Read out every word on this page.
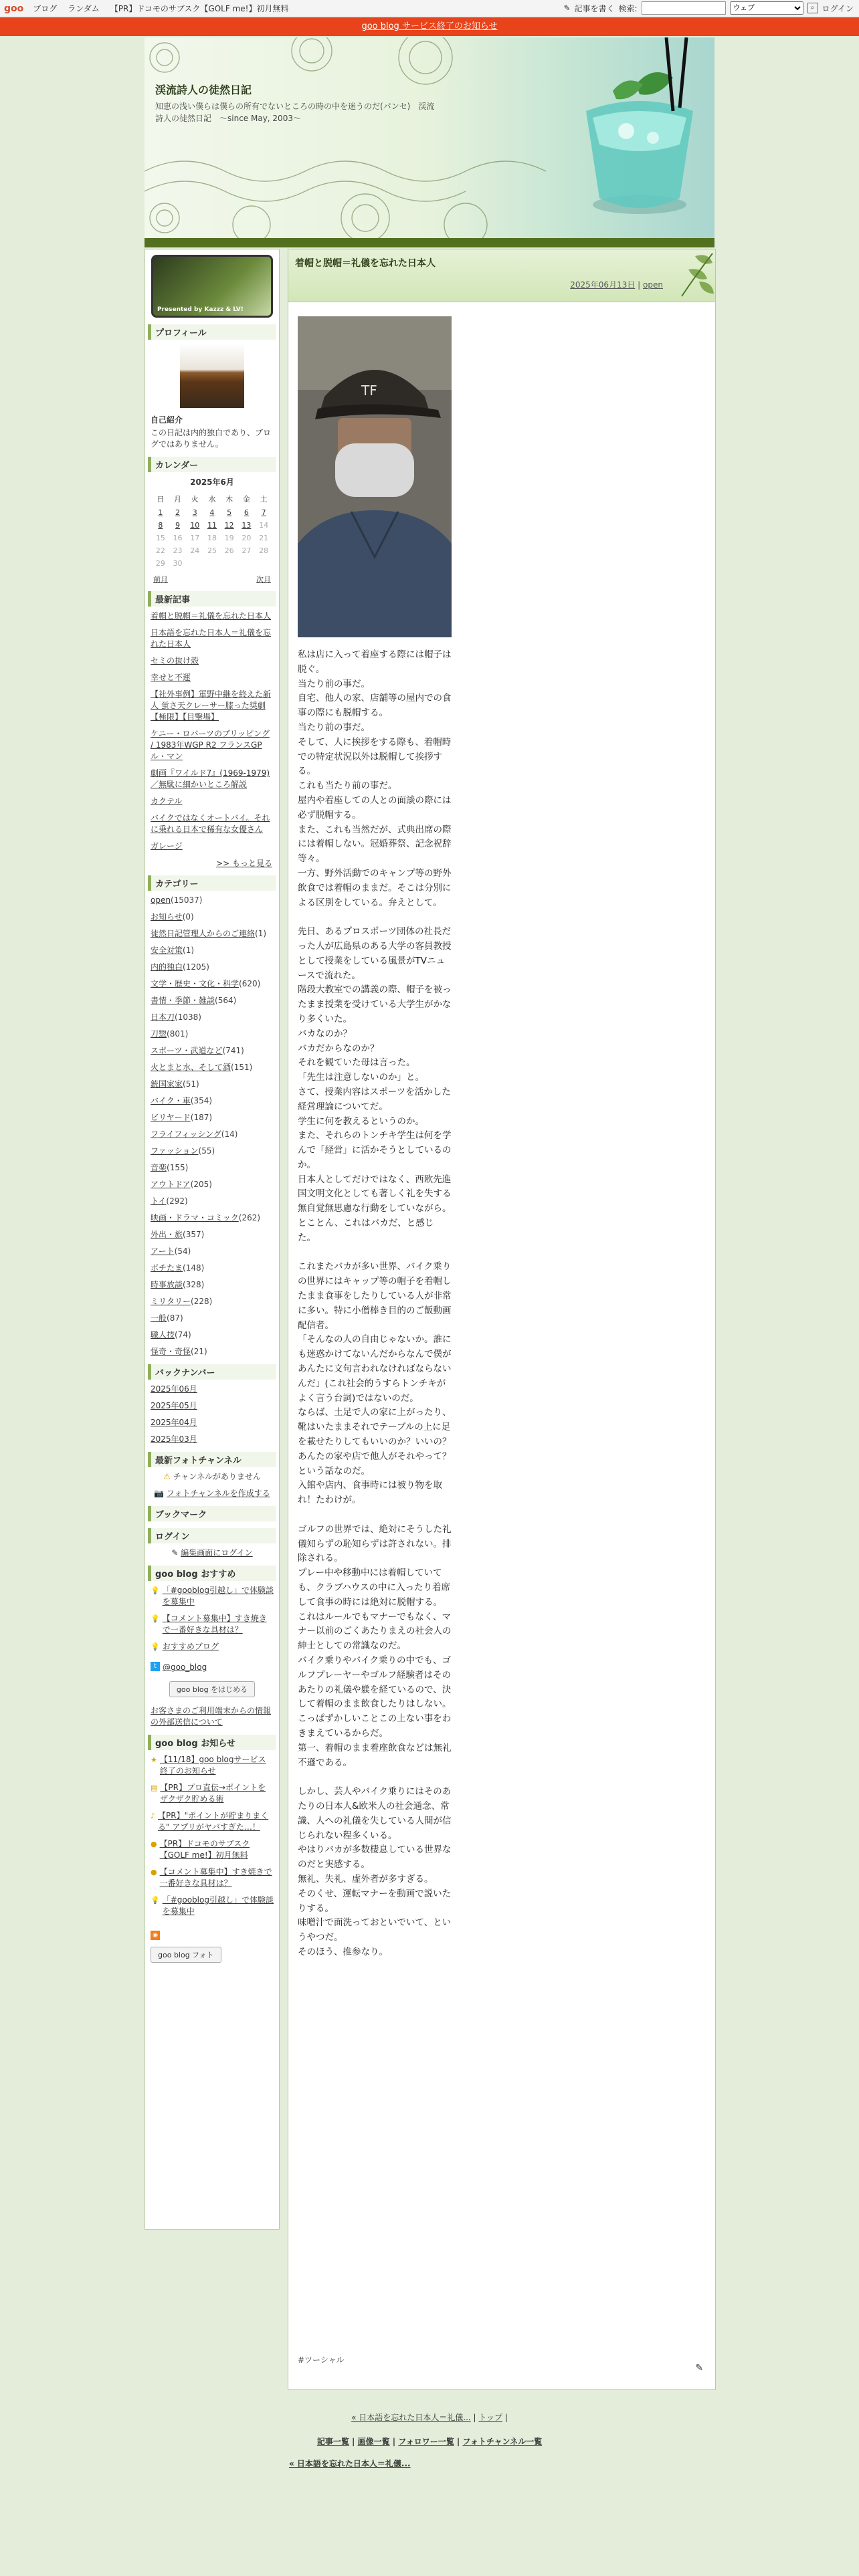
goo ブログ ランダム 【PR】ドコモのサブスク【GOLF me!】初月無料	✎ 記事を書く 検索:
ウェブ	⌕ ログイン
goo blog サービス終了のお知らせ
渓流詩人の徒然日記
知恵の浅い僕らは僕らの所有でないところの時の中を迷うのだ(パンセ)　渓流詩人の徒然日記　～since May, 2003～
Presented by Kazzz & LV!
プロフィール
自己紹介
この日記は内的独白であり、ブログではありません。
カレンダー
2025年6月
日	月	火	水	木	金	土
1	2	3	4	5	6	7
8	9	10	11	12	13	14
15	16	17	18	19	20	21
22	23	24	25	26	27	28
29	30					
前月	次月
最新記事
着帽と脱帽＝礼儀を忘れた日本人
日本語を忘れた日本人＝礼儀を忘れた日本人
セミの抜け殻
幸せと不運
【社外事例】軍野中継を終えた新人 蛍さ天クレーサー膝った奨劇【極限】【目撃場】
ケニー・ロバーツのブリッピング / 1983年WGP R2 フランスGP ル・マン
劇画『ワイルド7』(1969-1979)／無駄に細かいところ解説
カクテル
バイクではなくオートバイ。それに乗れる日本で稀有な女優さん
ガレージ
>> もっと見る
カテゴリー
open(15037)
お知らせ(0)
徒然日記管理人からのご連絡(1)
安全対策(1)
内的独白(1205)
文学・歴史・文化・科学(620)
書情・季節・雑談(564)
日本刀(1038)
刀惣(801)
スポーツ・武道など(741)
火とまと水、そして酒(151)
銃国家家(51)
バイク・車(354)
ビリヤード(187)
フライフィッシング(14)
ファッション(55)
音楽(155)
アウトドア(205)
トイ(292)
映画・ドラマ・コミック(262)
外出・旅(357)
アート(54)
ボチたま(148)
時事放談(328)
ミリタリー(228)
一般(87)
職人技(74)
怪奇・奇怪(21)
バックナンバー
2025年06月
2025年05月
2025年04月
2025年03月
最新フォトチャンネル
⚠ チャンネルがありません
📷 フォトチャンネルを作成する
ブックマーク
ログイン
✎ 編集画面にログイン
goo blog おすすめ
💡 「#gooblog引越し」で体験談を募集中
💡 【コメント募集中】すき焼きで一番好きな具材は？
💡 おすすめブログ
t @goo_blog
goo blog をはじめる
お客さまのご利用端末からの情報の外部送信について
goo blog お知らせ
★ 【11/18】goo blogサービス終了のお知らせ
▤ 【PR】プロ直伝→ポイントをザクザク貯める術
♪ 【PR】"ポイントが貯まりまくる" アプリがヤバすぎた…！
● 【PR】ドコモのサブスク【GOLF me!】初月無料
● 【コメント募集中】すき焼きで一番好きな具材は？
💡 「#gooblog引越し」で体験談を募集中
◉
goo blog フォト
着帽と脱帽＝礼儀を忘れた日本人
2025年06月13日 | open
TF
私は店に入って着座する際には帽子は脱ぐ。
当たり前の事だ。
自宅、他人の家、店舗等の屋内での食事の際にも脱帽する。
当たり前の事だ。
そして、人に挨拶をする際も、着帽時での特定状況以外は脱帽して挨拶する。
これも当たり前の事だ。
屋内や着座しての人との面談の際には必ず脱帽する。
また、これも当然だが、式典出席の際には着帽しない。冠婚葬祭、記念祝辞等々。
一方、野外活動でのキャンプ等の野外飲食では着帽のままだ。そこは分別による区別をしている。弁えとして。

先日、あるプロスポーツ団体の社長だった人が広島県のある大学の客員教授として授業をしている風景がTVニュースで流れた。
階段大教室での講義の際、帽子を被ったまま授業を受けている大学生がかなり多くいた。
バカなのか？
バカだからなのか？
それを観ていた母は言った。
「先生は注意しないのか」と。
さて、授業内容はスポーツを活かした経営理論についてだ。
学生に何を教えるというのか。
また、それらのトンチキ学生は何を学んで「経営」に活かそうとしているのか。
日本人としてだけではなく、西欧先進国文明文化としても著しく礼を失する無自覚無思慮な行動をしていながら。
とことん、これはバカだ、と感じた。

これまたバカが多い世界、バイク乗りの世界にはキャップ等の帽子を着帽したまま食事をしたりしている人が非常に多い。特に小僧棒き目的のご飯動画配信者。
「そんなの人の自由じゃないか。誰にも迷惑かけてないんだからなんで僕があんたに文句言われなければならないんだ」(これ社会的うすらトンチキがよく言う台詞)ではないのだ。
ならば、土足で人の家に上がったり、靴はいたままそれでテーブルの上に足を載せたりしてもいいのか？いいの？あんたの家や店で他人がそれやって？
という話なのだ。
入館や店内、食事時には被り物を取れ！たわけが。

ゴルフの世界では、絶対にそうした礼儀知らずの恥知らずは許されない。排除される。
プレー中や移動中には着帽していても、クラブハウスの中に入ったり着席して食事の時には絶対に脱帽する。
これはルールでもマナーでもなく、マナー以前のごくあたりまえの社会人の紳士としての常識なのだ。
バイク乗りやバイク乗りの中でも、ゴルフプレーヤーやゴルフ経験者はそのあたりの礼儀や躾を経ているので、決して着帽のまま飲食したりはしない。
こっぱずかしいことこの上ない事をわきまえているからだ。
第一、着帽のまま着座飲食などは無礼不遜である。

しかし、芸人やバイク乗りにはそのあたりの日本人&欧米人の社会通念、常識、人への礼儀を失している人間が信じられない程多くいる。
やはりバカが多数棲息している世界なのだと実感する。
無礼、失礼、虚外者が多すぎる。
そのくせ、運転マナーを動画で説いたりする。
味噌汁で面洗っておといでいて、というやつだ。
そのほう、推参なり。
#ツーシャル
✎
« 日本語を忘れた日本人＝礼儀... | トップ |
記事一覧 | 画像一覧 | フォロワー一覧 | フォトチャンネル一覧
« 日本語を忘れた日本人＝礼儀...
